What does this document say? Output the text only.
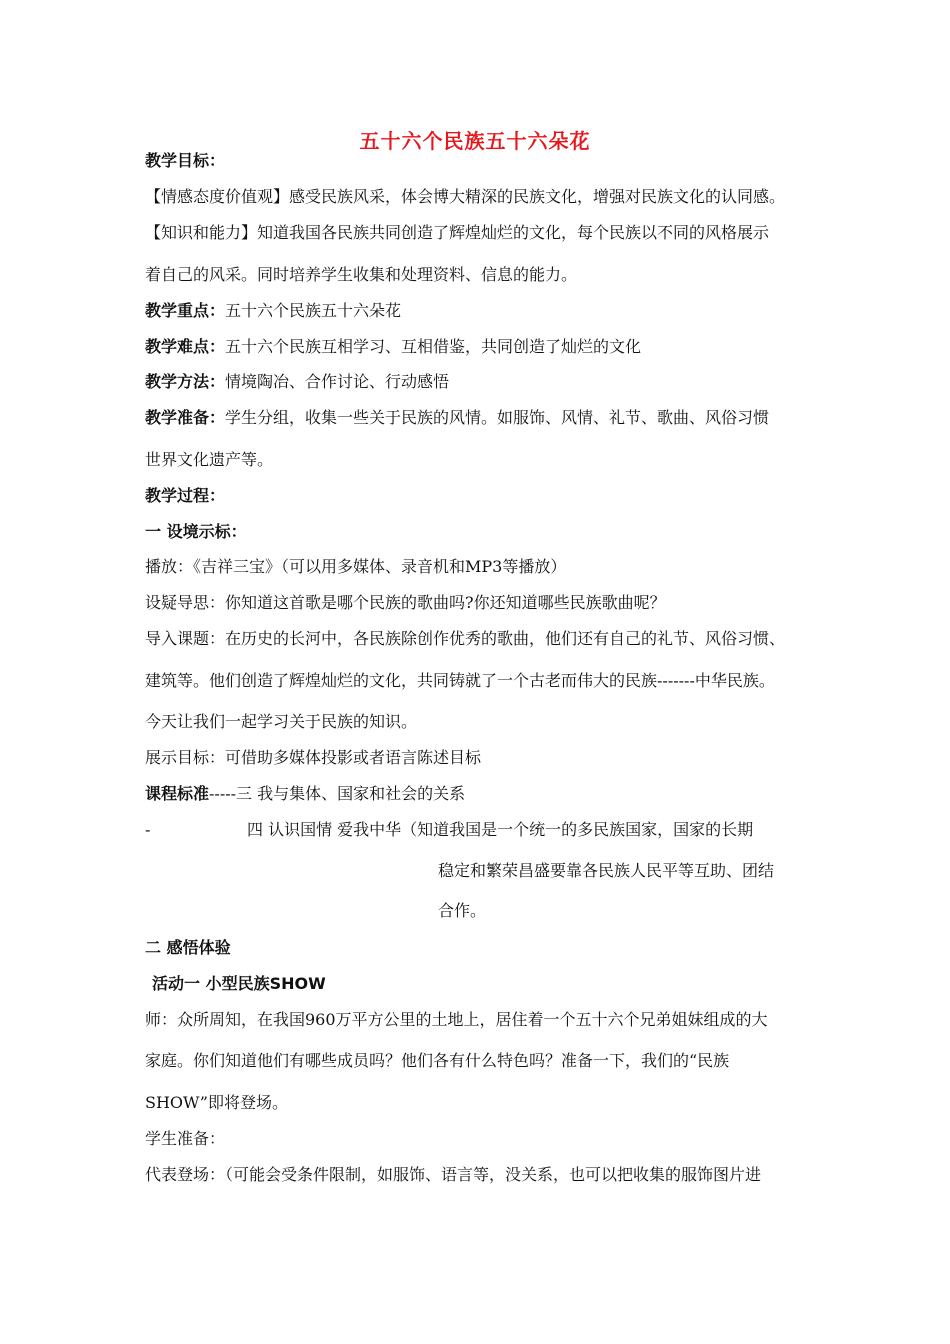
五十六个民族五十六朵花
教学目标：
【情感态度价值观】感受民族风采，体会博大精深的民族文化，增强对民族文化的认同感。
【知识和能力】知道我国各民族共同创造了辉煌灿烂的文化，每个民族以不同的风格展示
着自己的风采。同时培养学生收集和处理资料、信息的能力。
教学重点：五十六个民族五十六朵花
教学难点：五十六个民族互相学习、互相借鉴，共同创造了灿烂的文化
教学方法：情境陶冶、合作讨论、行动感悟
教学准备：学生分组，收集一些关于民族的风情。如服饰、风情、礼节、歌曲、风俗习惯
世界文化遗产等。
教学过程：
一 设境示标：
播放：《吉祥三宝》（可以用多媒体、录音机和MP3等播放）
设疑导思：你知道这首歌是哪个民族的歌曲吗?你还知道哪些民族歌曲呢？
导入课题：在历史的长河中，各民族除创作优秀的歌曲，他们还有自己的礼节、风俗习惯、
建筑等。他们创造了辉煌灿烂的文化，共同铸就了一个古老而伟大的民族-------中华民族。
今天让我们一起学习关于民族的知识。
展示目标：可借助多媒体投影或者语言陈述目标
课程标准-----三 我与集体、国家和社会的关系
-	四 认识国情 爱我中华（知道我国是一个统一的多民族国家，国家的长期
稳定和繁荣昌盛要靠各民族人民平等互助、团结
合作。
二 感悟体验
活动一 小型民族SHOW
师：众所周知，在我国960万平方公里的土地上，居住着一个五十六个兄弟姐妹组成的大
家庭。你们知道他们有哪些成员吗？他们各有什么特色吗？准备一下，我们的“民族
SHOW”即将登场。
学生准备：
代表登场：（可能会受条件限制，如服饰、语言等，没关系，也可以把收集的服饰图片进
